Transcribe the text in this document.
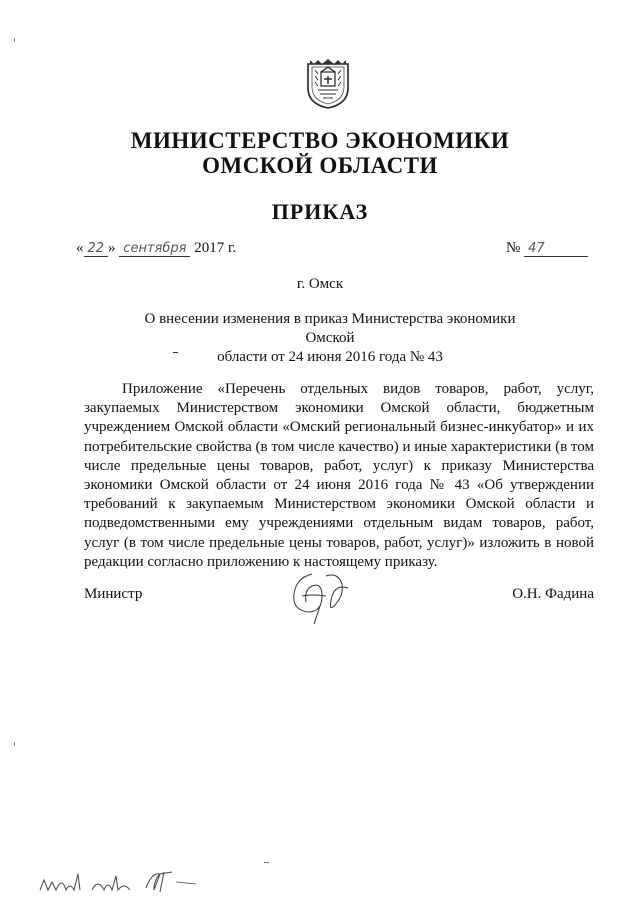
МИНИСТЕРСТВО ЭКОНОМИКИ
ОМСКОЙ ОБЛАСТИ
ПРИКАЗ
« 22 » сентября 2017 г.	№ 47
г. Омск
О внесении изменения в приказ Министерства экономики Омской
области от 24 июня 2016 года № 43

Приложение «Перечень отдельных видов товаров, работ, услуг, закупаемых Министерством экономики Омской области, бюджетным учреждением Омской области «Омский региональный бизнес-инкубатор» и их потребительские свойства (в том числе качество) и иные характеристики (в том числе предельные цены товаров, работ, услуг) к приказу Министерства экономики Омской области от 24 июня 2016 года № 43 «Об утверждении требований к закупаемым Министерством экономики Омской области и подведомственными ему учреждениями отдельным видам товаров, работ, услуг (в том числе предельные цены товаров, работ, услуг)» изложить в новой редакции согласно приложению к настоящему приказу.

Министр	О.Н. Фадина
